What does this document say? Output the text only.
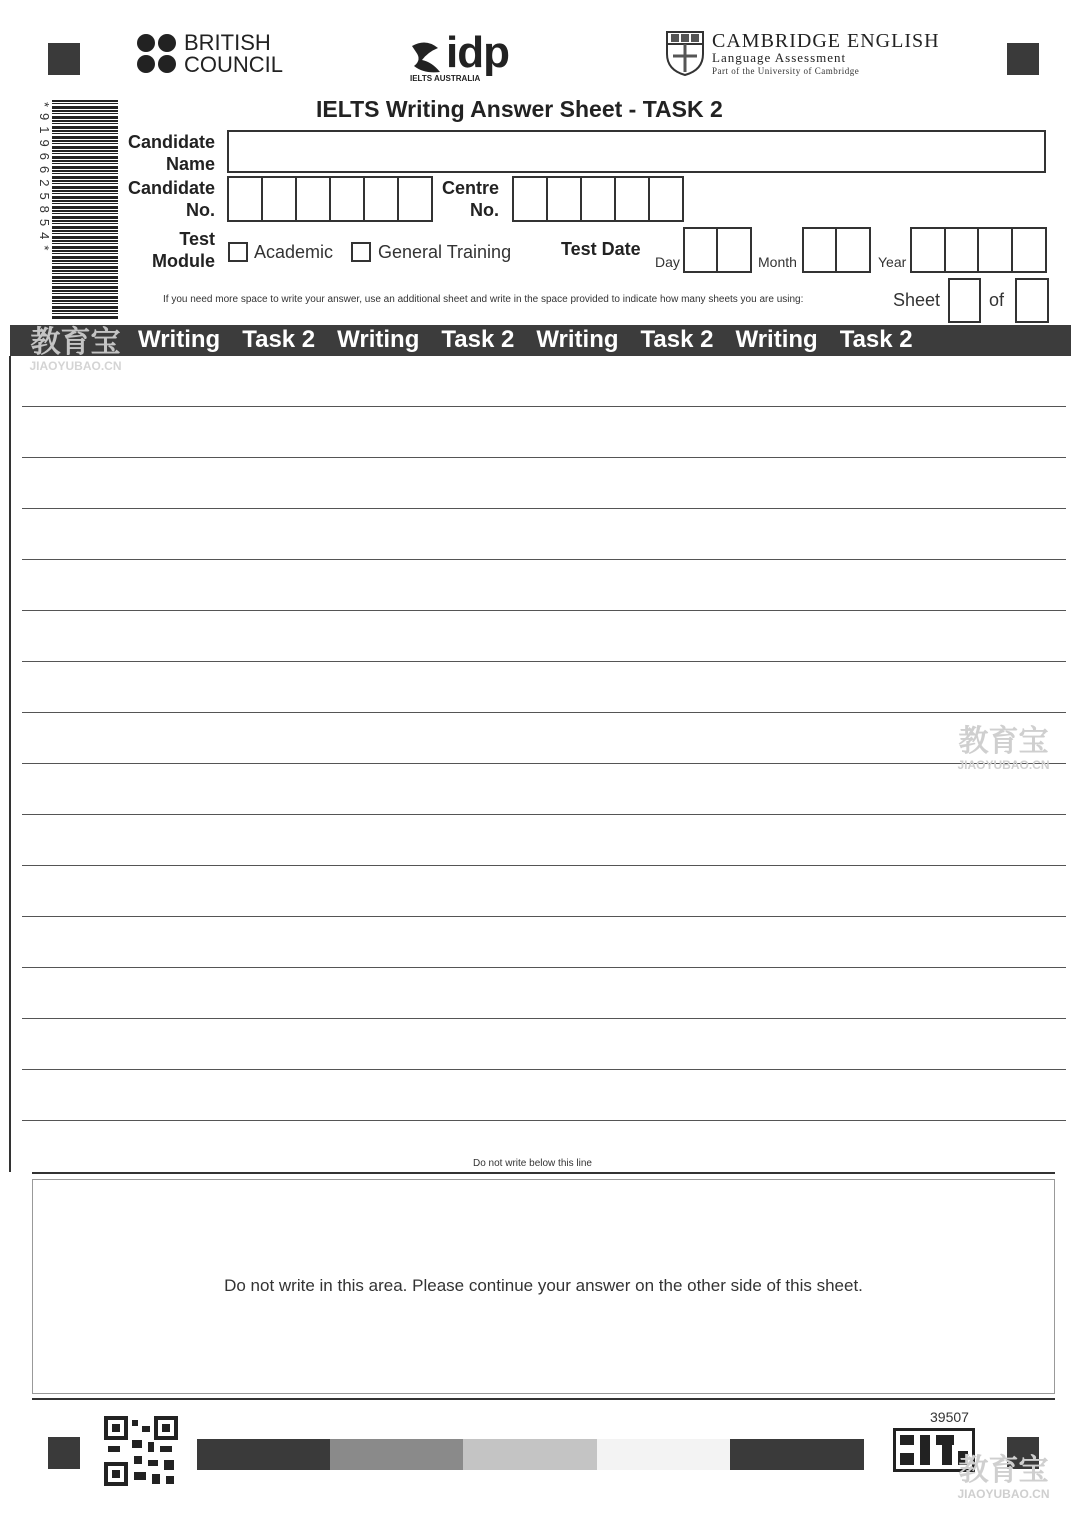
BRITISH
COUNCIL	idp
IELTS AUSTRALIA
CAMBRIDGE ENGLISH
Language Assessment
Part of the University of Cambridge
*9196625854*	IELTS Writing Answer Sheet - TASK 2
Candidate
Name
Candidate
No.
Centre
No.
Test
Module Academic General Training	Test Date
Day	Month	Year
If you need more space to write your answer, use an additional sheet and write in the space provided to indicate how many sheets you are using:	Sheet	of
Writing Task 2 Writing Task 2 Writing Task 2 Writing Task 2
Do not write below this line
Do not write in this area. Please continue your answer on the other side of this sheet.
39507
教育宝
JIAOYUBAO.CN
教育宝
JIAOYUBAO.CN
教育宝
JIAOYUBAO.CN
